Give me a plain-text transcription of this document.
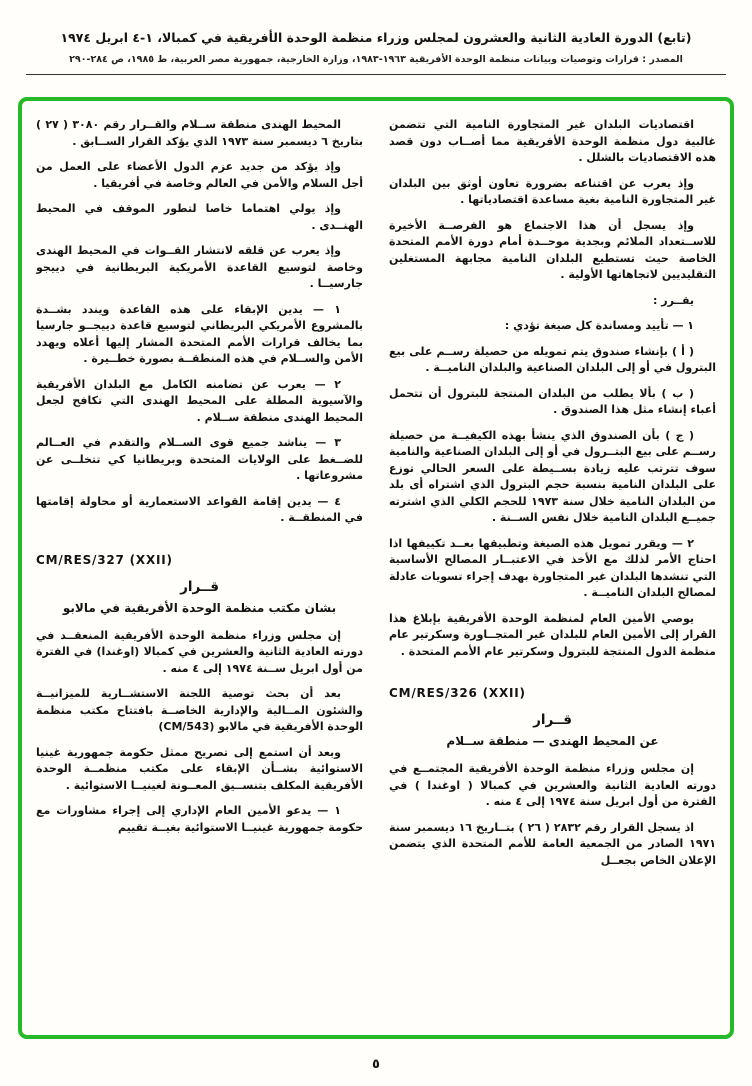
(تابع) الدورة العادية الثانية والعشرون لمجلس وزراء منظمة الوحدة الأفريقية في كمبالا، ١-٤ ابريل ١٩٧٤
المصدر : قرارات وتوصيات وبيانات منظمة الوحدة الأفريقية ١٩٦٣-١٩٨٣، وزارة الخارجية، جمهورية مصر العربية، ط ١٩٨٥، ص ٢٨٤-٢٩٠

اقتصاديات البلدان غير المتجاورة النامية التي تتضمن غالبية دول منظمة الوحدة الأفريقية مما أصــاب دون قصد هذه الاقتصاديات بالشلل .

وإذ يعرب عن اقتناعه بضرورة تعاون أوثق بين البلدان غير المتجاورة النامية بغية مساعدة اقتصادياتها .

وإذ يسجل أن هذا الاجتماع هو الفرصــة الأخيرة للاســتعداد الملائم وبجدية موحــدة أمام دورة الأمم المتحدة الخاصة حيث تستطيع البلدان النامية مجابهة المستغلين التقليديين لاتجاهاتها الأولية .

يقــرر :

١ — تأييد ومساندة كل صيغة تؤدي :

( أ ) بإنشاء صندوق يتم تمويله من حصيلة رســم على بيع البترول في أو إلى البلدان الصناعية والبلدان الناميــة .

( ب ) بألا يطلب من البلدان المنتجة للبترول أن تتحمل أعباء إنشاء مثل هذا الصندوق .

( ج ) بأن الصندوق الذي ينشأ بهذه الكيفيــة من حصيلة رســم على بيع البتــرول في أو إلى البلدان الصناعية والنامية سوف تترتب عليه زيادة بســيطة على السعر الحالي توزع على البلدان النامية بنسبة حجم البترول الذي اشتراه أى بلد من البلدان النامية خلال سنة ١٩٧٣ للحجم الكلي الذي اشترته جميــع البلدان النامية خلال نفس الســنة .

٢ — ويقرر تمويل هذه الصيغة وتطبيقها بعــد تكييفها اذا احتاج الأمر لذلك مع الأخذ في الاعتبــار المصالح الأساسية التي تنشدها البلدان غير المتجاورة بهدف إجراء تسويات عادلة لمصالح البلدان الناميــة .

يوصي الأمين العام لمنظمة الوحدة الأفريقية بإبلاغ هذا القرار إلى الأمين العام للبلدان غير المتجــاورة وسكرتير عام منظمة الدول المنتجة للبترول وسكرتير عام الأمم المتحدة .

CM/RES/326 (XXII)

قــرار

عن المحيط الهندى — منطقة ســلام

إن مجلس وزراء منظمة الوحدة الأفريقية المجتمــع في دورته العادية الثانية والعشرين في كمبالا ( اوغندا ) في الفترة من أول ابريل سنة ١٩٧٤ إلى ٤ منه .

اذ يسجل القرار رقم ٢٨٣٢ ( ٢٦ ) بتــاريخ ١٦ ديسمبر سنة ١٩٧١ الصادر من الجمعية العامة للأمم المتحدة الذي يتضمن الإعلان الخاص بجعــل

المحيط الهندى منطقة ســلام والقــرار رقم ٣٠٨٠ ( ٢٧ ) بتاريخ ٦ ديسمبر سنة ١٩٧٣ الذي يؤكد القرار الســابق .

وإذ يؤكد من جديد عزم الدول الأعضاء على العمل من أجل السلام والأمن في العالم وخاصة في أفريقيا .

وإذ يولي اهتماما خاصا لتطور الموقف في المحيط الهنــدى .

وإذ يعرب عن قلقه لانتشار القــوات في المحيط الهندى وخاصة لتوسيع القاعدة الأمريكية البريطانية في دييجو جارسيــا .

١ — يدين الإبقاء على هذه القاعدة ويندد بشــدة بالمشروع الأمريكي البريطاني لتوسيع قاعدة دييجــو جارسيا بما يخالف قرارات الأمم المتحدة المشار إليها أعلاه ويهدد الأمن والســلام في هذه المنطقــة بصورة خطــيرة .

٢ — يعرب عن تضامنه الكامل مع البلدان الأفريقية والآسيوية المطلة على المحيط الهندى التي تكافح لجعل المحيط الهندى منطقة ســلام .

٣ — يناشد جميع قوى الســلام والتقدم في العــالم للضــغط على الولايات المتحدة وبريطانيا كي تتخلــى عن مشروعاتها .

٤ — يدين إقامة القواعد الاستعمارية أو محاولة إقامتها في المنطقــة .

CM/RES/327 (XXII)

قــرار

بشان مكتب منظمة الوحدة الأفريقية في مالابو

إن مجلس وزراء منظمة الوحدة الأفريقية المنعقــد في دورته العادية الثانية والعشرين في كمبالا (اوغندا) في الفترة من أول ابريل ســنة ١٩٧٤ إلى ٤ منه .

بعد أن بحث توصية اللجنة الاستشــارية للميزانيــة والشئون المــالية والإدارية الخاصــة بافتتاح مكتب منظمة الوحدة الأفريقية في مالابو (CM/543)

وبعد أن استمع إلى تصريح ممثل حكومة جمهورية غينيا الاستوائية بشــأن الإبقاء على مكتب منظمــة الوحدة الأفريقية المكلف بتنســيق المعــونة لغينيــا الاستوائية .

١ — يدعو الأمين العام الإداري إلى إجراء مشاورات مع حكومة جمهورية غينيــا الاستوائية بغيــة تقييم

٥
